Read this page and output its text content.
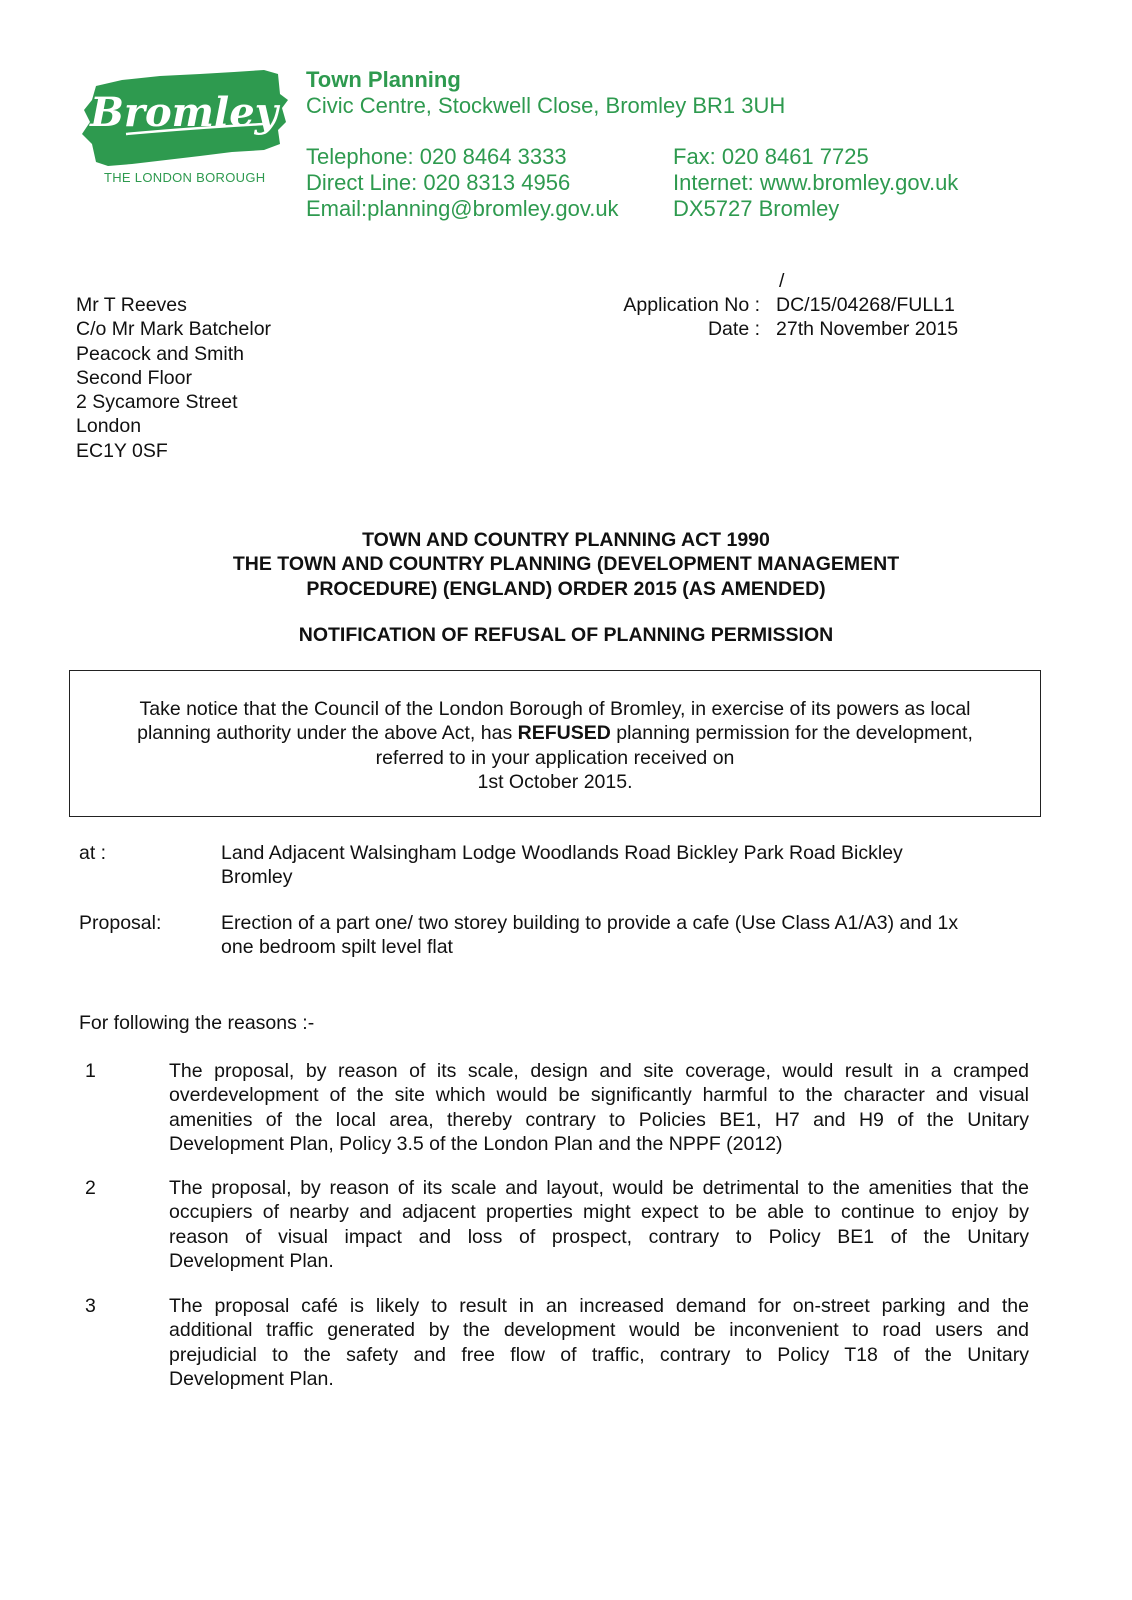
Bromley
THE LONDON BOROUGH
Town Planning
Civic Centre, Stockwell Close, Bromley BR1 3UH
Telephone: 020 8464 3333
Direct Line: 020 8313 4956
Email:planning@bromley.gov.uk
Fax: 020 8461 7725
Internet: www.bromley.gov.uk
DX5727 Bromley
Mr T Reeves
C/o Mr Mark Batchelor
Peacock and Smith
Second Floor
2 Sycamore Street
London
EC1Y 0SF
/
Application No : DC/15/04268/FULL1
Date : 27th November 2015
TOWN AND COUNTRY PLANNING ACT 1990
THE TOWN AND COUNTRY PLANNING (DEVELOPMENT MANAGEMENT
PROCEDURE) (ENGLAND) ORDER 2015 (AS AMENDED)
NOTIFICATION OF REFUSAL OF PLANNING PERMISSION
Take notice that the Council of the London Borough of Bromley, in exercise of its powers as local
planning authority under the above Act, has REFUSED planning permission for the development,
referred to in your application received on
1st October 2015.
at :	Land Adjacent Walsingham Lodge Woodlands Road Bickley Park Road Bickley
Bromley
Proposal:	Erection of a part one/ two storey building to provide a cafe (Use Class A1/A3) and 1x
one bedroom spilt level flat
For following the reasons :-
1	The proposal, by reason of its scale, design and site coverage, would result in a cramped
overdevelopment of the site which would be significantly harmful to the character and visual
amenities of the local area, thereby contrary to Policies BE1, H7 and H9 of the Unitary
Development Plan, Policy 3.5 of the London Plan and the NPPF (2012)
2	The proposal, by reason of its scale and layout, would be detrimental to the amenities that the
occupiers of nearby and adjacent properties might expect to be able to continue to enjoy by
reason of visual impact and loss of prospect, contrary to Policy BE1 of the Unitary
Development Plan.
3	The proposal café is likely to result in an increased demand for on-street parking and the
additional traffic generated by the development would be inconvenient to road users and
prejudicial to the safety and free flow of traffic, contrary to Policy T18 of the Unitary
Development Plan.
